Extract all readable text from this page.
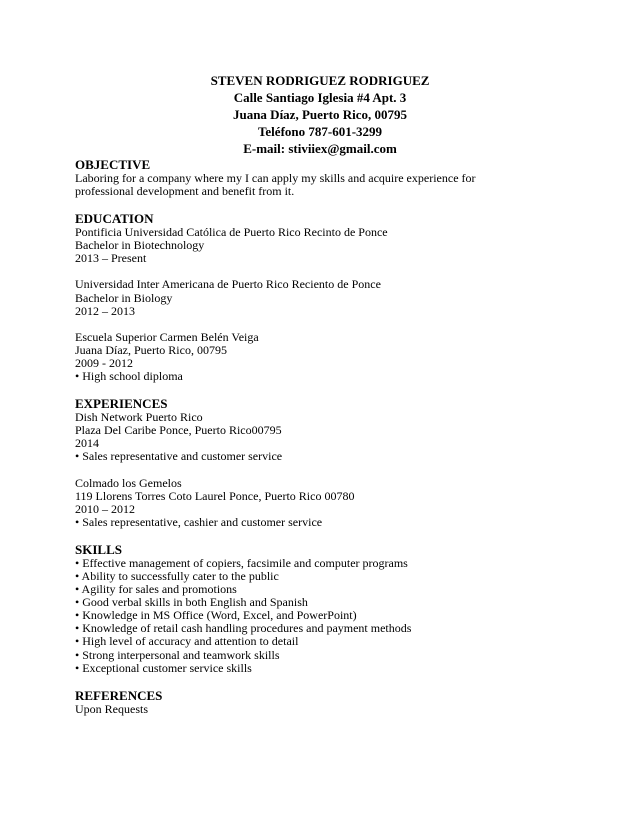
STEVEN RODRIGUEZ RODRIGUEZ
Calle Santiago Iglesia #4 Apt. 3
Juana Díaz, Puerto Rico, 00795
Teléfono 787-601-3299
E-mail: stiviiex@gmail.com
OBJECTIVE
Laboring for a company where my I can apply my skills and acquire experience for professional development and benefit from it.
EDUCATION
Pontificia Universidad Católica de Puerto Rico Recinto de Ponce
Bachelor in Biotechnology
2013 – Present
Universidad Inter Americana de Puerto Rico Reciento de Ponce
Bachelor in Biology
2012 – 2013
Escuela Superior Carmen Belén Veiga
Juana Díaz, Puerto Rico, 00795
2009 - 2012
• High school diploma
EXPERIENCES
Dish Network Puerto Rico
Plaza Del Caribe Ponce, Puerto Rico00795
2014
• Sales representative and customer service
Colmado los Gemelos
119 Llorens Torres Coto Laurel Ponce, Puerto Rico 00780
2010 – 2012
• Sales representative, cashier and customer service
SKILLS
• Effective management of copiers, facsimile and computer programs
• Ability to successfully cater to the public
• Agility for sales and promotions
• Good verbal skills in both English and Spanish
• Knowledge in MS Office (Word, Excel, and PowerPoint)
• Knowledge of retail cash handling procedures and payment methods
• High level of accuracy and attention to detail
• Strong interpersonal and teamwork skills
• Exceptional customer service skills
REFERENCES
Upon Requests
